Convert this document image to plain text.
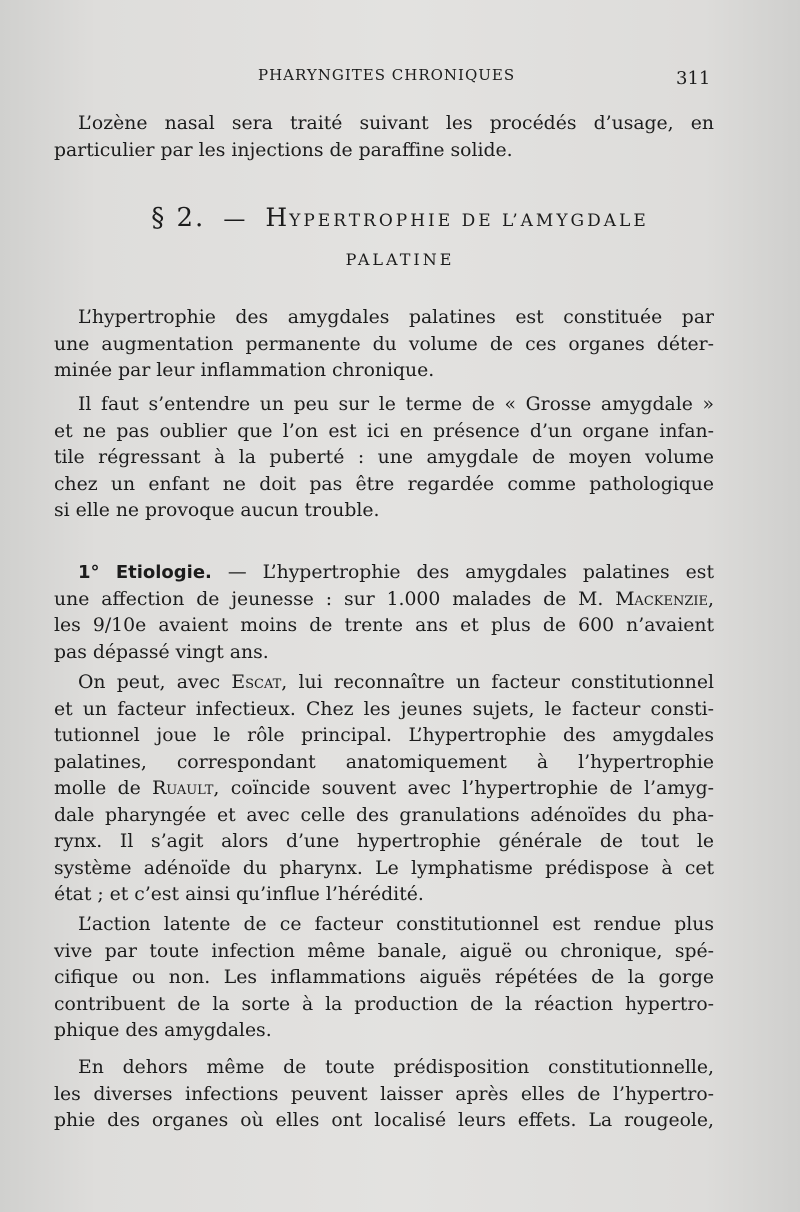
PHARYNGITES CHRONIQUES	311
L’ozène nasal sera traité suivant les procédés d’usage, en
particulier par les injections de paraffine solide.
§ 2. — HYPERTROPHIE DE L’AMYGDALE
PALATINE
L’hypertrophie des amygdales palatines est constituée par
une augmentation permanente du volume de ces organes déter-
minée par leur inflammation chronique.
Il faut s’entendre un peu sur le terme de « Grosse amygdale »
et ne pas oublier que l’on est ici en présence d’un organe infan-
tile régressant à la puberté : une amygdale de moyen volume
chez un enfant ne doit pas être regardée comme pathologique
si elle ne provoque aucun trouble.
1° Etiologie. — L’hypertrophie des amygdales palatines est
une affection de jeunesse : sur 1.000 malades de M. Mackenzie,
les 9/10e avaient moins de trente ans et plus de 600 n’avaient
pas dépassé vingt ans.
On peut, avec Escat, lui reconnaître un facteur constitutionnel
et un facteur infectieux. Chez les jeunes sujets, le facteur consti-
tutionnel joue le rôle principal. L’hypertrophie des amygdales
palatines, correspondant anatomiquement à l’hypertrophie
molle de Ruault, coïncide souvent avec l’hypertrophie de l’amyg-
dale pharyngée et avec celle des granulations adénoïdes du pha-
rynx. Il s’agit alors d’une hypertrophie générale de tout le
système adénoïde du pharynx. Le lymphatisme prédispose à cet
état ; et c’est ainsi qu’influe l’hérédité.
L’action latente de ce facteur constitutionnel est rendue plus
vive par toute infection même banale, aiguë ou chronique, spé-
cifique ou non. Les inflammations aiguës répétées de la gorge
contribuent de la sorte à la production de la réaction hypertro-
phique des amygdales.
En dehors même de toute prédisposition constitutionnelle,
les diverses infections peuvent laisser après elles de l’hypertro-
phie des organes où elles ont localisé leurs effets. La rougeole,
